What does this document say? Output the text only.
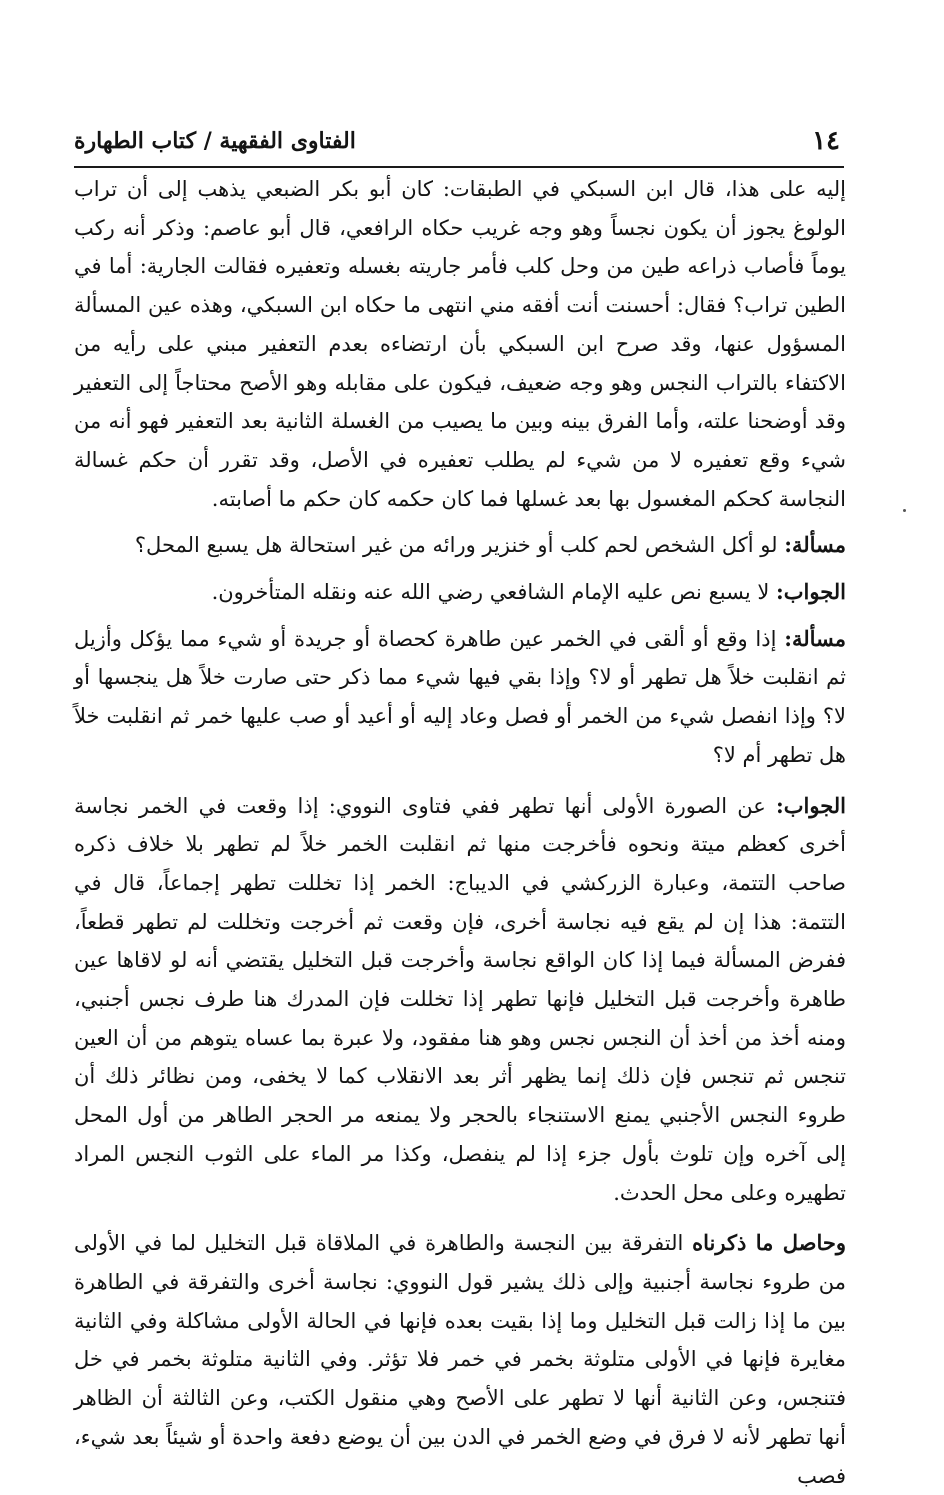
١٤
الفتاوى الفقهية / كتاب الطهارة

إليه على هذا، قال ابن السبكي في الطبقات: كان أبو بكر الضبعي يذهب إلى أن تراب الولوغ يجوز أن يكون نجساً وهو وجه غريب حكاه الرافعي، قال أبو عاصم: وذكر أنه ركب يوماً فأصاب ذراعه طين من وحل كلب فأمر جاريته بغسله وتعفيره فقالت الجارية: أما في الطين تراب؟ فقال: أحسنت أنت أفقه مني انتهى ما حكاه ابن السبكي، وهذه عين المسألة المسؤول عنها، وقد صرح ابن السبكي بأن ارتضاءه بعدم التعفير مبني على رأيه من الاكتفاء بالتراب النجس وهو وجه ضعيف، فيكون على مقابله وهو الأصح محتاجاً إلى التعفير وقد أوضحنا علته، وأما الفرق بينه وبين ما يصيب من الغسلة الثانية بعد التعفير فهو أنه من شيء وقع تعفيره لا من شيء لم يطلب تعفيره في الأصل، وقد تقرر أن حكم غسالة النجاسة كحكم المغسول بها بعد غسلها فما كان حكمه كان حكم ما أصابته.

مسألة: لو أكل الشخص لحم كلب أو خنزير ورائه من غير استحالة هل يسبع المحل؟

الجواب: لا يسبع نص عليه الإمام الشافعي رضي الله عنه ونقله المتأخرون.

مسألة: إذا وقع أو ألقى في الخمر عين طاهرة كحصاة أو جريدة أو شيء مما يؤكل وأزيل ثم انقلبت خلاً هل تطهر أو لا؟ وإذا بقي فيها شيء مما ذكر حتى صارت خلاً هل ينجسها أو لا؟ وإذا انفصل شيء من الخمر أو فصل وعاد إليه أو أعيد أو صب عليها خمر ثم انقلبت خلاً هل تطهر أم لا؟

الجواب: عن الصورة الأولى أنها تطهر ففي فتاوى النووي: إذا وقعت في الخمر نجاسة أخرى كعظم ميتة ونحوه فأخرجت منها ثم انقلبت الخمر خلاً لم تطهر بلا خلاف ذكره صاحب التتمة، وعبارة الزركشي في الديباج: الخمر إذا تخللت تطهر إجماعاً، قال في التتمة: هذا إن لم يقع فيه نجاسة أخرى، فإن وقعت ثم أخرجت وتخللت لم تطهر قطعاً، ففرض المسألة فيما إذا كان الواقع نجاسة وأخرجت قبل التخليل يقتضي أنه لو لاقاها عين طاهرة وأخرجت قبل التخليل فإنها تطهر إذا تخللت فإن المدرك هنا طرف نجس أجنبي، ومنه أخذ من أخذ أن النجس نجس وهو هنا مفقود، ولا عبرة بما عساه يتوهم من أن العين تنجس ثم تنجس فإن ذلك إنما يظهر أثر بعد الانقلاب كما لا يخفى، ومن نظائر ذلك أن طروء النجس الأجنبي يمنع الاستنجاء بالحجر ولا يمنعه مر الحجر الطاهر من أول المحل إلى آخره وإن تلوث بأول جزء إذا لم ينفصل، وكذا مر الماء على الثوب النجس المراد تطهيره وعلى محل الحدث.

وحاصل ما ذكرناه التفرقة بين النجسة والطاهرة في الملاقاة قبل التخليل لما في الأولى من طروء نجاسة أجنبية وإلى ذلك يشير قول النووي: نجاسة أخرى والتفرقة في الطاهرة بين ما إذا زالت قبل التخليل وما إذا بقيت بعده فإنها في الحالة الأولى مشاكلة وفي الثانية مغايرة فإنها في الأولى متلوثة بخمر في خمر فلا تؤثر. وفي الثانية متلوثة بخمر في خل فتنجس، وعن الثانية أنها لا تطهر على الأصح وهي منقول الكتب، وعن الثالثة أن الظاهر أنها تطهر لأنه لا فرق في وضع الخمر في الدن بين أن يوضع دفعة واحدة أو شيئاً بعد شيء، فصب
